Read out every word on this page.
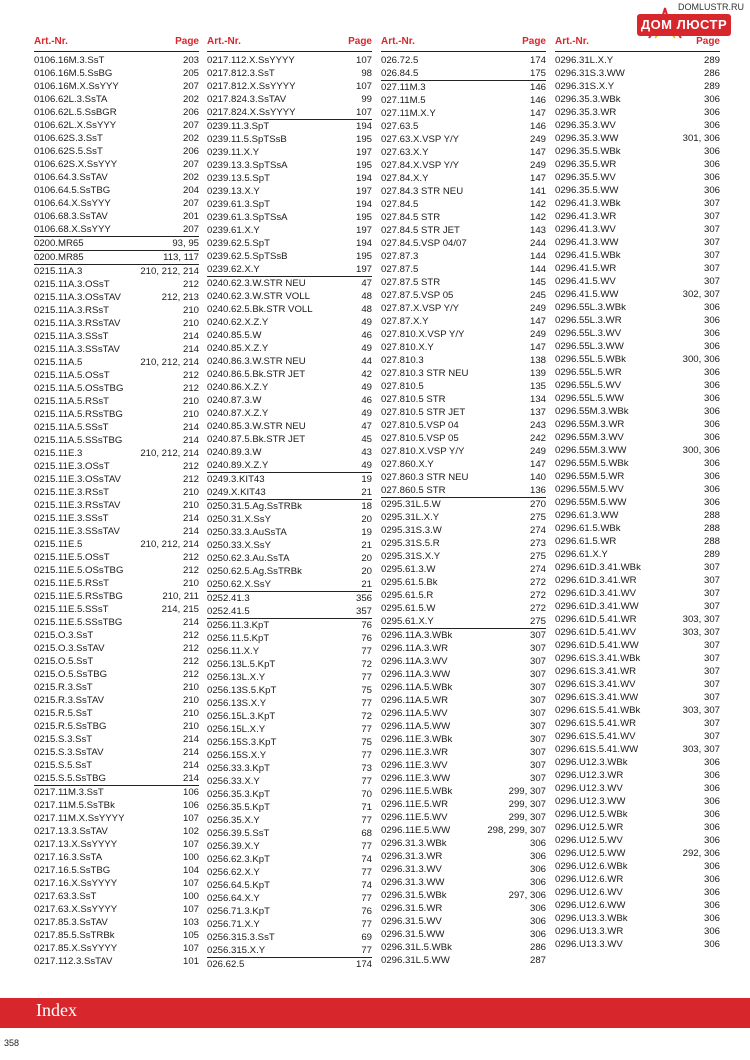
DOMLUSTR.RU
ДОМ ЛЮСТР
Art.-Nr.	Page
0106.16M.3.SsT	203
0106.16M.5.SsBG	205
0106.16M.X.SsYYY	207
0106.62L.3.SsTA	202
0106.62L.5.SsBGR	206
0106.62L.X.SsYYY	207
0106.62S.3.SsT	202
0106.62S.5.SsT	206
0106.62S.X.SsYYY	207
0106.64.3.SsTAV	202
0106.64.5.SsTBG	204
0106.64.X.SsYYY	207
0106.68.3.SsTAV	201
0106.68.X.SsYYY	207
0200.MR65	93, 95
0200.MR85	113, 117
0215.11A.3	210, 212, 214
0215.11A.3.OSsT	212
0215.11A.3.OSsTAV	212, 213
0215.11A.3.RSsT	210
0215.11A.3.RSsTAV	210
0215.11A.3.SSsT	214
0215.11A.3.SSsTAV	214
0215.11A.5	210, 212, 214
0215.11A.5.OSsT	212
0215.11A.5.OSsTBG	212
0215.11A.5.RSsT	210
0215.11A.5.RSsTBG	210
0215.11A.5.SSsT	214
0215.11A.5.SSsTBG	214
0215.11E.3	210, 212, 214
0215.11E.3.OSsT	212
0215.11E.3.OSsTAV	212
0215.11E.3.RSsT	210
0215.11E.3.RSsTAV	210
0215.11E.3.SSsT	214
0215.11E.3.SSsTAV	214
0215.11E.5	210, 212, 214
0215.11E.5.OSsT	212
0215.11E.5.OSsTBG	212
0215.11E.5.RSsT	210
0215.11E.5.RSsTBG	210, 211
0215.11E.5.SSsT	214, 215
0215.11E.5.SSsTBG	214
0215.O.3.SsT	212
0215.O.3.SsTAV	212
0215.O.5.SsT	212
0215.O.5.SsTBG	212
0215.R.3.SsT	210
0215.R.3.SsTAV	210
0215.R.5.SsT	210
0215.R.5.SsTBG	210
0215.S.3.SsT	214
0215.S.3.SsTAV	214
0215.S.5.SsT	214
0215.S.5.SsTBG	214
0217.11M.3.SsT	106
0217.11M.5.SsTBk	106
0217.11M.X.SsYYYY	107
0217.13.3.SsTAV	102
0217.13.X.SsYYYY	107
0217.16.3.SsTA	100
0217.16.5.SsTBG	104
0217.16.X.SsYYYY	107
0217.63.3.SsT	100
0217.63.X.SsYYYY	107
0217.85.3.SsTAV	103
0217.85.5.SsTRBk	105
0217.85.X.SsYYYY	107
0217.112.3.SsTAV	101
Art.-Nr.	Page
0217.112.X.SsYYYY	107
0217.812.3.SsT	98
0217.812.X.SsYYYY	107
0217.824.3.SsTAV	99
0217.824.X.SsYYYY	107
0239.11.3.SpT	194
0239.11.5.SpTSsB	195
0239.11.X.Y	197
0239.13.3.SpTSsA	195
0239.13.5.SpT	194
0239.13.X.Y	197
0239.61.3.SpT	194
0239.61.3.SpTSsA	195
0239.61.X.Y	197
0239.62.5.SpT	194
0239.62.5.SpTSsB	195
0239.62.X.Y	197
0240.62.3.W.STR NEU	47
0240.62.3.W.STR VOLL	48
0240.62.5.Bk.STR VOLL	48
0240.62.X.Z.Y	49
0240.85.5.W	46
0240.85.X.Z.Y	49
0240.86.3.W.STR NEU	44
0240.86.5.Bk.STR JET	42
0240.86.X.Z.Y	49
0240.87.3.W	46
0240.87.X.Z.Y	49
0240.85.3.W.STR NEU	47
0240.87.5.Bk.STR JET	45
0240.89.3.W	43
0240.89.X.Z.Y	49
0249.3.KIT43	19
0249.X.KIT43	21
0250.31.5.Ag.SsTRBk	18
0250.31.X.SsY	20
0250.33.3.AuSsTA	19
0250.33.X.SsY	21
0250.62.3.Au.SsTA	20
0250.62.5.Ag.SsTRBk	20
0250.62.X.SsY	21
0252.41.3	356
0252.41.5	357
0256.11.3.KpT	76
0256.11.5.KpT	76
0256.11.X.Y	77
0256.13L.5.KpT	72
0256.13L.X.Y	77
0256.13S.5.KpT	75
0256.13S.X.Y	77
0256.15L.3.KpT	72
0256.15L.X.Y	77
0256.15S.3.KpT	75
0256.15S.X.Y	77
0256.33.3.KpT	73
0256.33.X.Y	77
0256.35.3.KpT	70
0256.35.5.KpT	71
0256.35.X.Y	77
0256.39.5.SsT	68
0256.39.X.Y	77
0256.62.3.KpT	74
0256.62.X.Y	77
0256.64.5.KpT	74
0256.64.X.Y	77
0256.71.3.KpT	76
0256.71.X.Y	77
0256.315.3.SsT	69
0256.315.X.Y	77
026.62.5	174
Art.-Nr.	Page
026.72.5	174
026.84.5	175
027.11M.3	146
027.11M.5	146
027.11M.X.Y	147
027.63.5	146
027.63.X.VSP Y/Y	249
027.63.X.Y	147
027.84.X.VSP Y/Y	249
027.84.X.Y	147
027.84.3 STR NEU	141
027.84.5	142
027.84.5 STR	142
027.84.5 STR JET	143
027.84.5.VSP 04/07	244
027.87.3	144
027.87.5	144
027.87.5 STR	145
027.87.5.VSP 05	245
027.87.X.VSP Y/Y	249
027.87.X.Y	147
027.810.X.VSP Y/Y	249
027.810.X.Y	147
027.810.3	138
027.810.3 STR NEU	139
027.810.5	135
027.810.5 STR	134
027.810.5 STR JET	137
027.810.5.VSP 04	243
027.810.5.VSP 05	242
027.810.X.VSP Y/Y	249
027.860.X.Y	147
027.860.3 STR NEU	140
027.860.5 STR	136
0295.31L.5.W	270
0295.31L.X.Y	275
0295.31S.3.W	274
0295.31S.5.R	273
0295.31S.X.Y	275
0295.61.3.W	274
0295.61.5.Bk	272
0295.61.5.R	272
0295.61.5.W	272
0295.61.X.Y	275
0296.11A.3.WBk	307
0296.11A.3.WR	307
0296.11A.3.WV	307
0296.11A.3.WW	307
0296.11A.5.WBk	307
0296.11A.5.WR	307
0296.11A.5.WV	307
0296.11A.5.WW	307
0296.11E.3.WBk	307
0296.11E.3.WR	307
0296.11E.3.WV	307
0296.11E.3.WW	307
0296.11E.5.WBk	299, 307
0296.11E.5.WR	299, 307
0296.11E.5.WV	299, 307
0296.11E.5.WW	298, 299, 307
0296.31.3.WBk	306
0296.31.3.WR	306
0296.31.3.WV	306
0296.31.3.WW	306
0296.31.5.WBk	297, 306
0296.31.5.WR	306
0296.31.5.WV	306
0296.31.5.WW	306
0296.31L.5.WBk	286
0296.31L.5.WW	287
Art.-Nr.	Page
0296.31L.X.Y	289
0296.31S.3.WW	286
0296.31S.X.Y	289
0296.35.3.WBk	306
0296.35.3.WR	306
0296.35.3.WV	306
0296.35.3.WW	301, 306
0296.35.5.WBk	306
0296.35.5.WR	306
0296.35.5.WV	306
0296.35.5.WW	306
0296.41.3.WBk	307
0296.41.3.WR	307
0296.41.3.WV	307
0296.41.3.WW	307
0296.41.5.WBk	307
0296.41.5.WR	307
0296.41.5.WV	307
0296.41.5.WW	302, 307
0296.55L.3.WBk	306
0296.55L.3.WR	306
0296.55L.3.WV	306
0296.55L.3.WW	306
0296.55L.5.WBk	300, 306
0296.55L.5.WR	306
0296.55L.5.WV	306
0296.55L.5.WW	306
0296.55M.3.WBk	306
0296.55M.3.WR	306
0296.55M.3.WV	306
0296.55M.3.WW	300, 306
0296.55M.5.WBk	306
0296.55M.5.WR	306
0296.55M.5.WV	306
0296.55M.5.WW	306
0296.61.3.WW	288
0296.61.5.WBk	288
0296.61.5.WR	288
0296.61.X.Y	289
0296.61D.3.41.WBk	307
0296.61D.3.41.WR	307
0296.61D.3.41.WV	307
0296.61D.3.41.WW	307
0296.61D.5.41.WR	303, 307
0296.61D.5.41.WV	303, 307
0296.61D.5.41.WW	307
0296.61S.3.41.WBk	307
0296.61S.3.41.WR	307
0296.61S.3.41.WV	307
0296.61S.3.41.WW	307
0296.61S.5.41.WBk	303, 307
0296.61S.5.41.WR	307
0296.61S.5.41.WV	307
0296.61S.5.41.WW	303, 307
0296.U12.3.WBk	306
0296.U12.3.WR	306
0296.U12.3.WV	306
0296.U12.3.WW	306
0296.U12.5.WBk	306
0296.U12.5.WR	306
0296.U12.5.WV	306
0296.U12.5.WW	292, 306
0296.U12.6.WBk	306
0296.U12.6.WR	306
0296.U12.6.WV	306
0296.U12.6.WW	306
0296.U13.3.WBk	306
0296.U13.3.WR	306
0296.U13.3.WV	306
Index
358
